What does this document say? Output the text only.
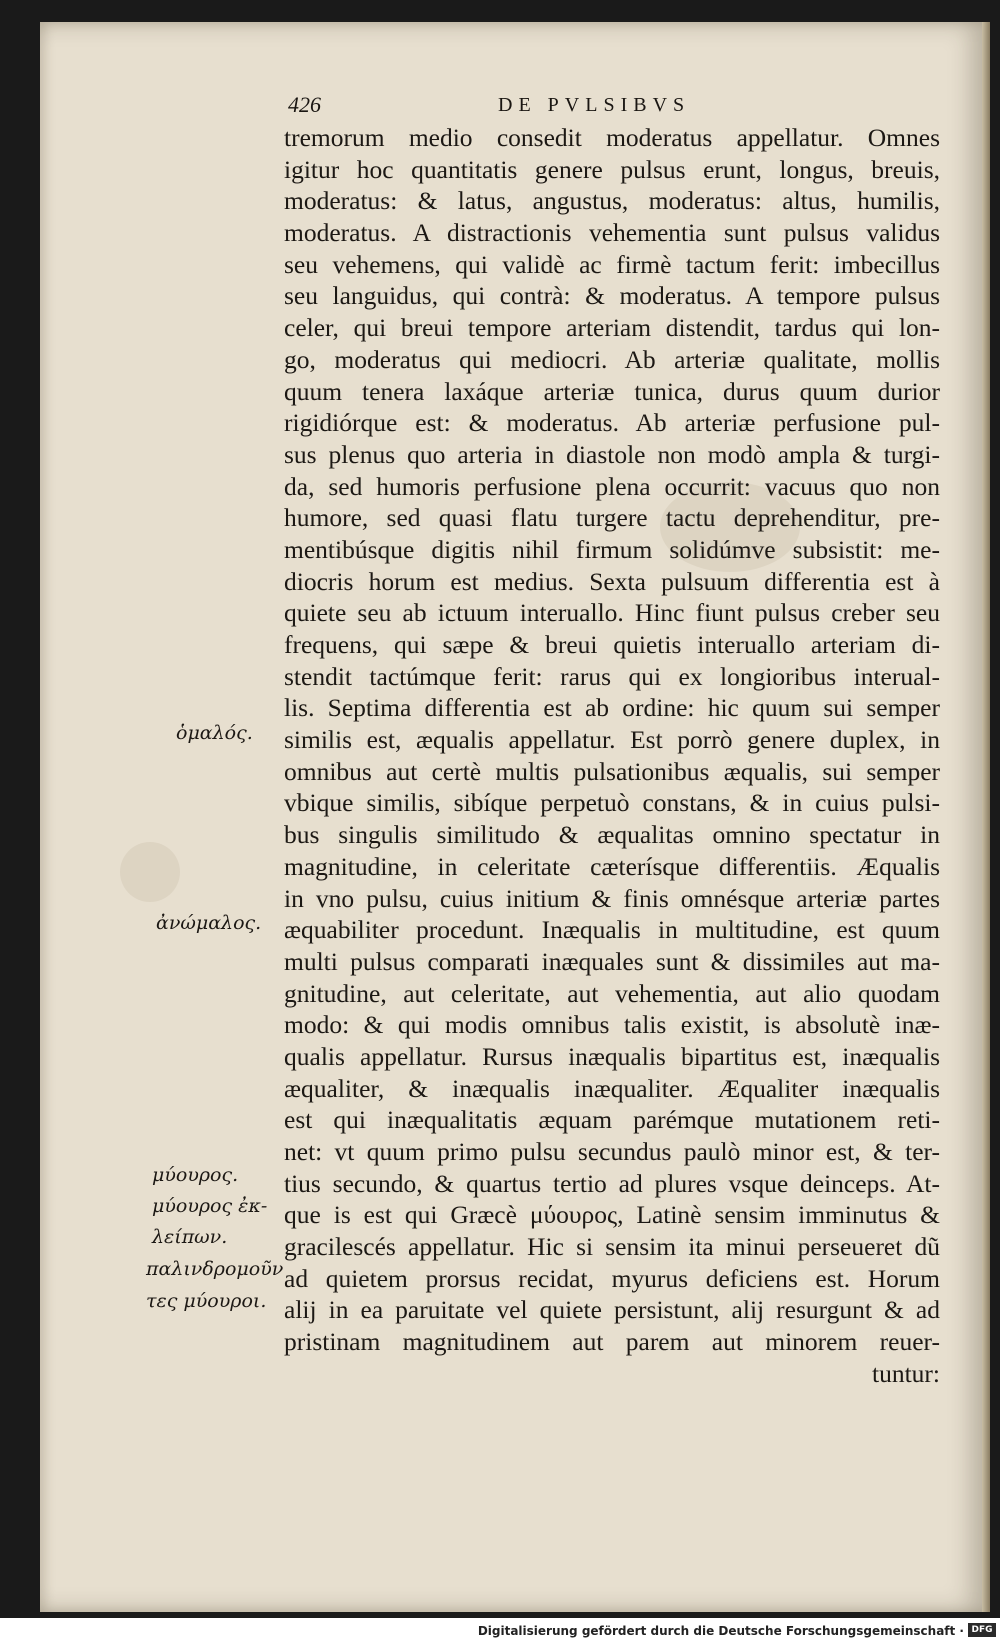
426	DE PVLSIBVS
tremorum medio consedit moderatus appellatur. Omnes
igitur hoc quantitatis genere pulsus erunt, longus, breuis,
moderatus: & latus, angustus, moderatus: altus, humilis,
moderatus. A distractionis vehementia sunt pulsus validus
seu vehemens, qui validè ac firmè tactum ferit: imbecillus
seu languidus, qui contrà: & moderatus. A tempore pulsus
celer, qui breui tempore arteriam distendit, tardus qui lon-
go, moderatus qui mediocri. Ab arteriæ qualitate, mollis
quum tenera laxáque arteriæ tunica, durus quum durior
rigidiórque est: & moderatus. Ab arteriæ perfusione pul-
sus plenus quo arteria in diastole non modò ampla & turgi-
da, sed humoris perfusione plena occurrit: vacuus quo non
humore, sed quasi flatu turgere tactu deprehenditur, pre-
mentibúsque digitis nihil firmum solidúmve subsistit: me-
diocris horum est medius. Sexta pulsuum differentia est à
quiete seu ab ictuum interuallo. Hinc fiunt pulsus creber seu
frequens, qui sæpe & breui quietis interuallo arteriam di-
stendit tactúmque ferit: rarus qui ex longioribus interual-
lis. Septima differentia est ab ordine: hic quum sui semper
similis est, æqualis appellatur. Est porrò genere duplex, in
omnibus aut certè multis pulsationibus æqualis, sui semper
vbique similis, sibíque perpetuò constans, & in cuius pulsi-
bus singulis similitudo & æqualitas omnino spectatur in
magnitudine, in celeritate cæterísque differentiis. Æqualis
in vno pulsu, cuius initium & finis omnésque arteriæ partes
æquabiliter procedunt. Inæqualis in multitudine, est quum
multi pulsus comparati inæquales sunt & dissimiles aut ma-
gnitudine, aut celeritate, aut vehementia, aut alio quodam
modo: & qui modis omnibus talis existit, is absolutè inæ-
qualis appellatur. Rursus inæqualis bipartitus est, inæqualis
æqualiter, & inæqualis inæqualiter. Æqualiter inæqualis
est qui inæqualitatis æquam parémque mutationem reti-
net: vt quum primo pulsu secundus paulò minor est, & ter-
tius secundo, & quartus tertio ad plures vsque deinceps. At-
que is est qui Græcè μύουρος, Latinè sensim imminutus &
gracilescés appellatur. Hic si sensim ita minui perseueret dũ
ad quietem prorsus recidat, myurus deficiens est. Horum
alij in ea paruitate vel quiete persistunt, alij resurgunt & ad
pristinam magnitudinem aut parem aut minorem reuer-
tuntur:
ὁμαλός.
ἀνώμαλος.
μύουρος.
μύουρος ἐκ-
λείπων.
παλινδρομοῦν
τες μύουροι.
Digitalisierung gefördert durch die Deutsche Forschungsgemeinschaft · DFG
